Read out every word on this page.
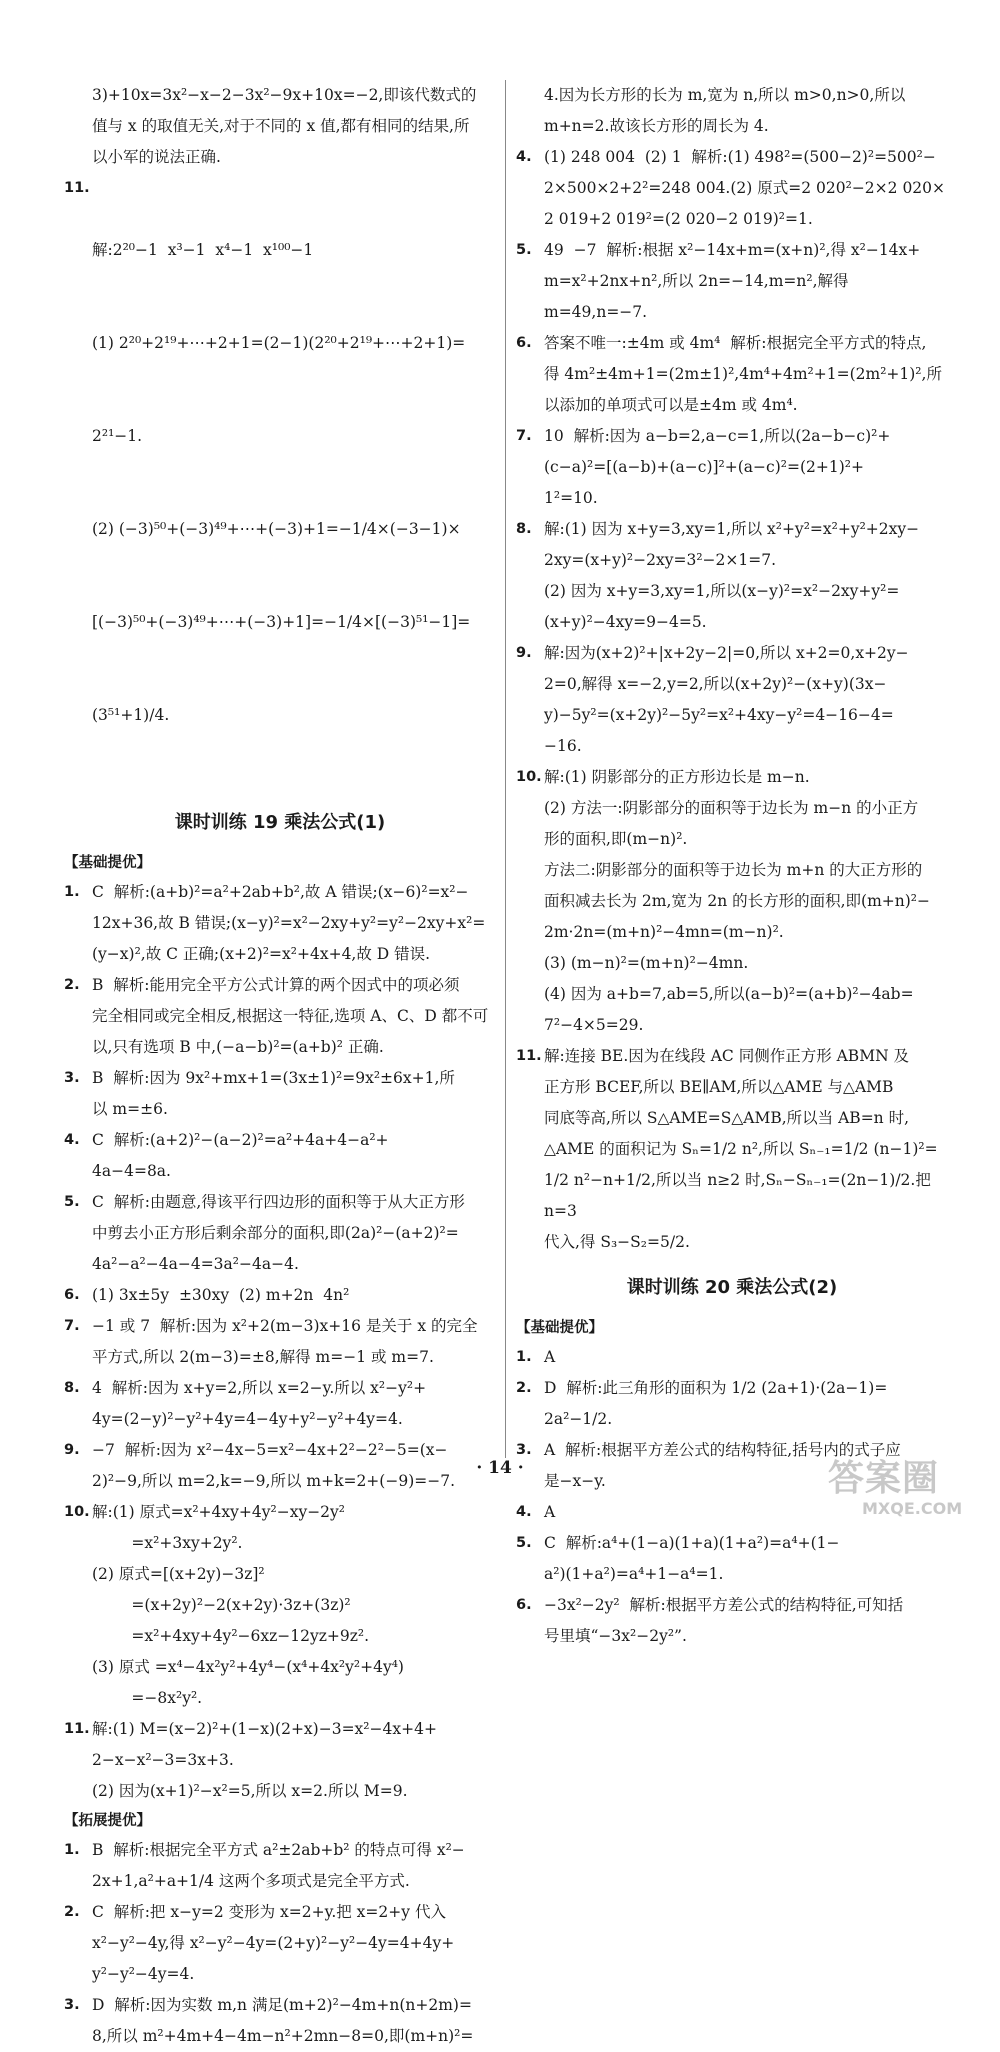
3)+10x=3x²−x−2−3x²−9x+10x=−2,即该代数式的
值与 x 的取值无关,对于不同的 x 值,都有相同的结果,所
以小军的说法正确.
11.

解:2²⁰−1  x³−1  x⁴−1  x¹⁰⁰−1

(1) 2²⁰+2¹⁹+⋯+2+1=(2−1)(2²⁰+2¹⁹+⋯+2+1)=

2²¹−1.

(2) (−3)⁵⁰+(−3)⁴⁹+⋯+(−3)+1=−1/4×(−3−1)×

[(−3)⁵⁰+(−3)⁴⁹+⋯+(−3)+1]=−1/4×[(−3)⁵¹−1]=

(3⁵¹+1)/4.

课时训练 19 乘法公式(1)
【基础提优】
1. C  解析:(a+b)²=a²+2ab+b²,故 A 错误;(x−6)²=x²−
12x+36,故 B 错误;(x−y)²=x²−2xy+y²=y²−2xy+x²=
(y−x)²,故 C 正确;(x+2)²=x²+4x+4,故 D 错误.
2. B  解析:能用完全平方公式计算的两个因式中的项必须
完全相同或完全相反,根据这一特征,选项 A、C、D 都不可
以,只有选项 B 中,(−a−b)²=(a+b)² 正确.
3. B  解析:因为 9x²+mx+1=(3x±1)²=9x²±6x+1,所
以 m=±6.
4. C  解析:(a+2)²−(a−2)²=a²+4a+4−a²+
4a−4=8a.
5. C  解析:由题意,得该平行四边形的面积等于从大正方形
中剪去小正方形后剩余部分的面积,即(2a)²−(a+2)²=
4a²−a²−4a−4=3a²−4a−4.
6. (1) 3x±5y  ±30xy  (2) m+2n  4n²
7. −1 或 7  解析:因为 x²+2(m−3)x+16 是关于 x 的完全
平方式,所以 2(m−3)=±8,解得 m=−1 或 m=7.
8. 4  解析:因为 x+y=2,所以 x=2−y.所以 x²−y²+
4y=(2−y)²−y²+4y=4−4y+y²−y²+4y=4.
9. −7  解析:因为 x²−4x−5=x²−4x+2²−2²−5=(x−
2)²−9,所以 m=2,k=−9,所以 m+k=2+(−9)=−7.
10. 解:(1) 原式=x²+4xy+4y²−xy−2y²
=x²+3xy+2y².
(2) 原式=[(x+2y)−3z]²
=(x+2y)²−2(x+2y)·3z+(3z)²
=x²+4xy+4y²−6xz−12yz+9z².
(3) 原式 =x⁴−4x²y²+4y⁴−(x⁴+4x²y²+4y⁴)
=−8x²y².
11. 解:(1) M=(x−2)²+(1−x)(2+x)−3=x²−4x+4+
2−x−x²−3=3x+3.
(2) 因为(x+1)²−x²=5,所以 x=2.所以 M=9.
【拓展提优】
1. B  解析:根据完全平方式 a²±2ab+b² 的特点可得 x²−
2x+1,a²+a+1/4 这两个多项式是完全平方式.
2. C  解析:把 x−y=2 变形为 x=2+y.把 x=2+y 代入
x²−y²−4y,得 x²−y²−4y=(2+y)²−y²−4y=4+4y+
y²−y²−4y=4.
3. D  解析:因为实数 m,n 满足(m+2)²−4m+n(n+2m)=
8,所以 m²+4m+4−4m−n²+2mn−8=0,即(m+n)²=
4.因为长方形的长为 m,宽为 n,所以 m>0,n>0,所以
m+n=2.故该长方形的周长为 4.
4. (1) 248 004  (2) 1  解析:(1) 498²=(500−2)²=500²−
2×500×2+2²=248 004.(2) 原式=2 020²−2×2 020×
2 019+2 019²=(2 020−2 019)²=1.
5. 49  −7  解析:根据 x²−14x+m=(x+n)²,得 x²−14x+
m=x²+2nx+n²,所以 2n=−14,m=n²,解得m=49,n=−7.
6. 答案不唯一:±4m 或 4m⁴  解析:根据完全平方式的特点,
得 4m²±4m+1=(2m±1)²,4m⁴+4m²+1=(2m²+1)²,所
以添加的单项式可以是±4m 或 4m⁴.
7. 10  解析:因为 a−b=2,a−c=1,所以(2a−b−c)²+
(c−a)²=[(a−b)+(a−c)]²+(a−c)²=(2+1)²+
1²=10.
8. 解:(1) 因为 x+y=3,xy=1,所以 x²+y²=x²+y²+2xy−
2xy=(x+y)²−2xy=3²−2×1=7.
(2) 因为 x+y=3,xy=1,所以(x−y)²=x²−2xy+y²=
(x+y)²−4xy=9−4=5.
9. 解:因为(x+2)²+|x+2y−2|=0,所以 x+2=0,x+2y−
2=0,解得 x=−2,y=2,所以(x+2y)²−(x+y)(3x−
y)−5y²=(x+2y)²−5y²=x²+4xy−y²=4−16−4=
−16.
10. 解:(1) 阴影部分的正方形边长是 m−n.
(2) 方法一:阴影部分的面积等于边长为 m−n 的小正方
形的面积,即(m−n)².
方法二:阴影部分的面积等于边长为 m+n 的大正方形的
面积减去长为 2m,宽为 2n 的长方形的面积,即(m+n)²−
2m·2n=(m+n)²−4mn=(m−n)².
(3) (m−n)²=(m+n)²−4mn.
(4) 因为 a+b=7,ab=5,所以(a−b)²=(a+b)²−4ab=
7²−4×5=29.
11. 解:连接 BE.因为在线段 AC 同侧作正方形 ABMN 及
正方形 BCEF,所以 BE∥AM,所以△AME 与△AMB
同底等高,所以 S△AME=S△AMB,所以当 AB=n 时,
△AME 的面积记为 Sₙ=1/2 n²,所以 Sₙ₋₁=1/2 (n−1)²=
1/2 n²−n+1/2,所以当 n≥2 时,Sₙ−Sₙ₋₁=(2n−1)/2.把 n=3
代入,得 S₃−S₂=5/2.
课时训练 20 乘法公式(2)
【基础提优】
1. A
2. D  解析:此三角形的面积为 1/2 (2a+1)·(2a−1)=
2a²−1/2.
3. A  解析:根据平方差公式的结构特征,括号内的式子应
是−x−y.
4. A
5. C  解析:a⁴+(1−a)(1+a)(1+a²)=a⁴+(1−
a²)(1+a²)=a⁴+1−a⁴=1.
6. −3x²−2y²  解析:根据平方差公式的结构特征,可知括
号里填“−3x²−2y²”.
· 14 ·	答案圈
MXQE.COM
